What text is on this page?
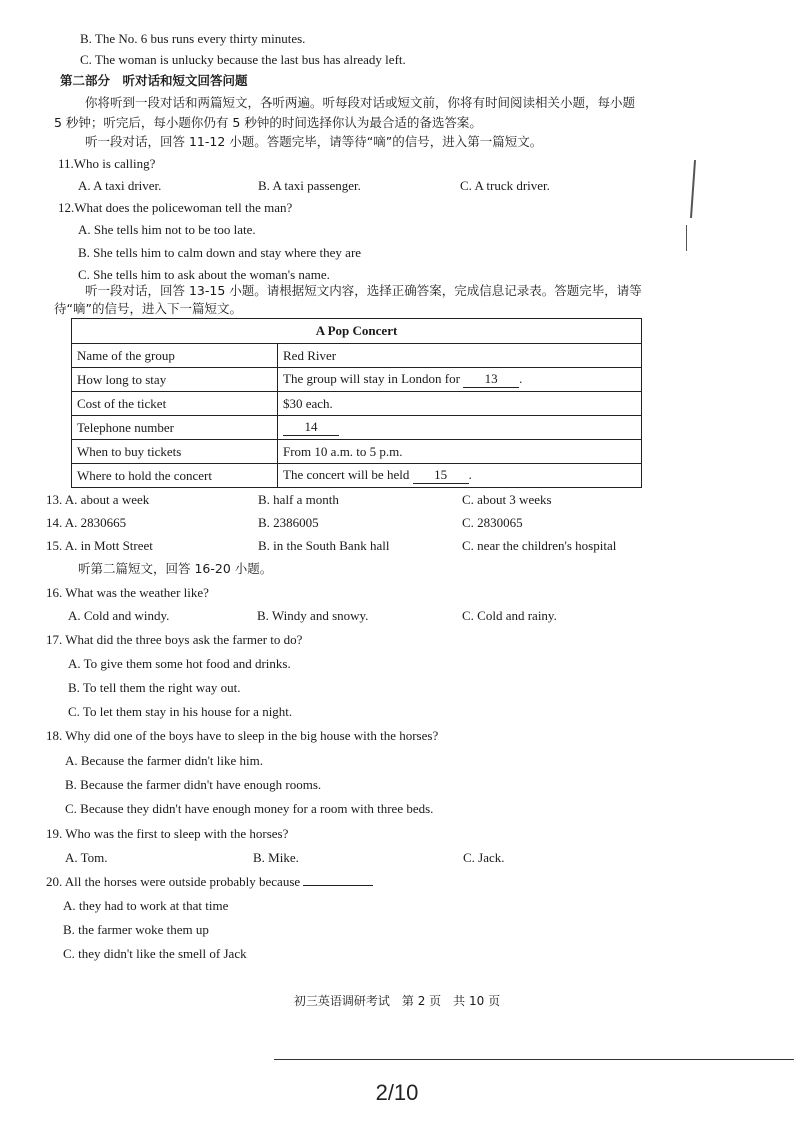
B. The No. 6 bus runs every thirty minutes.
C. The woman is unlucky because the last bus has already left.
第二部分　听对话和短文回答问题
你将听到一段对话和两篇短文，各听两遍。听每段对话或短文前，你将有时间阅读相关小题，每小题
5 秒钟；听完后，每小题你仍有 5 秒钟的时间选择你认为最合适的备选答案。
听一段对话，回答 11-12 小题。答题完毕，请等待“嘀”的信号，进入第一篇短文。
11.Who is calling?
A. A taxi driver.	B. A taxi passenger.	C. A truck driver.
12.What does the policewoman tell the man?
A. She tells him not to be too late.
B. She tells him to calm down and stay where they are
C. She tells him to ask about the woman's name.
听一段对话，回答 13-15 小题。请根据短文内容，选择正确答案，完成信息记录表。答题完毕，请等
待“嘀”的信号，进入下一篇短文。
A Pop Concert	
Name of the group	Red River
How long to stay	The group will stay in London for 13 .
Cost of the ticket	$30 each.
Telephone number	14
When to buy tickets	From 10 a.m. to 5 p.m.
Where to hold the concert	The concert will be held 15 .
13. A. about a week	B. half a month	C. about 3 weeks
14. A. 2830665	B. 2386005	C. 2830065
15. A. in Mott Street	B. in the South Bank hall	C. near the children's hospital
听第二篇短文，回答 16-20 小题。
16. What was the weather like?
A. Cold and windy.	B. Windy and snowy.	C. Cold and rainy.
17. What did the three boys ask the farmer to do?
A. To give them some hot food and drinks.
B. To tell them the right way out.
C. To let them stay in his house for a night.
18. Why did one of the boys have to sleep in the big house with the horses?
A. Because the farmer didn't like him.
B. Because the farmer didn't have enough rooms.
C. Because they didn't have enough money for a room with three beds.
19. Who was the first to sleep with the horses?
A. Tom.	B. Mike.	C. Jack.
20. All the horses were outside probably because
A. they had to work at that time
B. the farmer woke them up
C. they didn't like the smell of Jack
初三英语调研考试　第 2 页　共 10 页
2/10
